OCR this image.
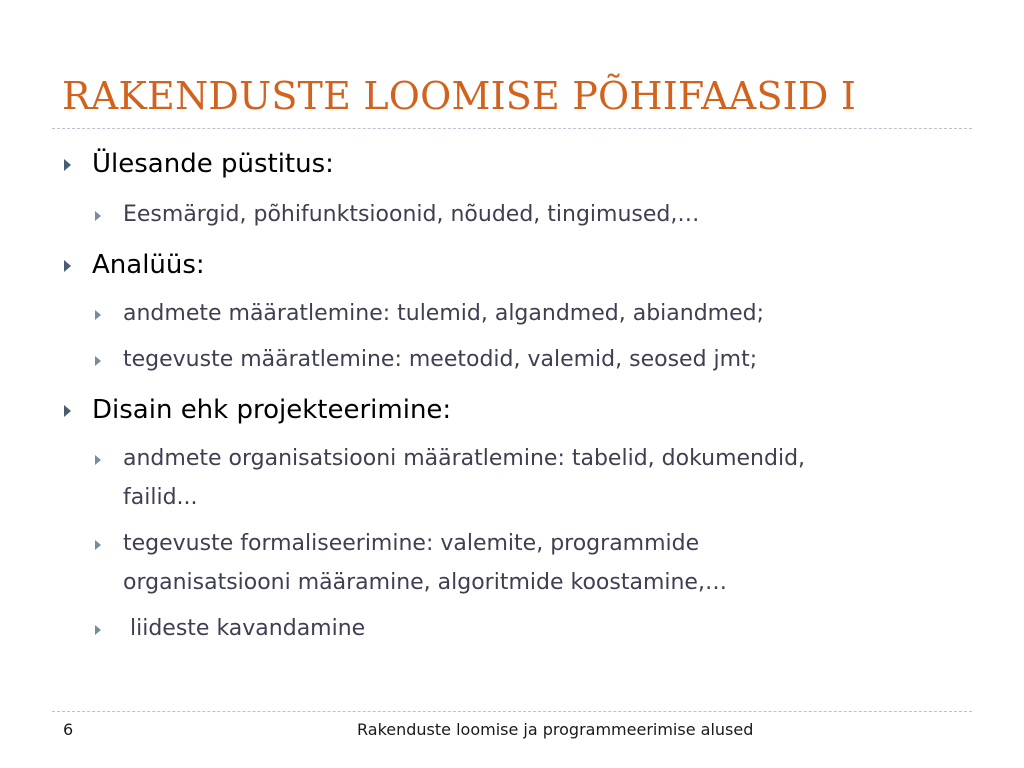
RAKENDUSTE LOOMISE PÕHIFAASID I

Ülesande püstitus:

Eesmärgid, põhifunktsioonid, nõuded, tingimused,…

Analüüs:

andmete määratlemine: tulemid, algandmed, abiandmed;

tegevuste määratlemine: meetodid, valemid, seosed jmt;

Disain ehk projekteerimine:

andmete organisatsiooni määratlemine: tabelid, dokumendid,

failid...

tegevuste formaliseerimine: valemite, programmide

organisatsiooni määramine, algoritmide koostamine,…

liideste kavandamine

6	Rakenduste loomise ja programmeerimise alused
